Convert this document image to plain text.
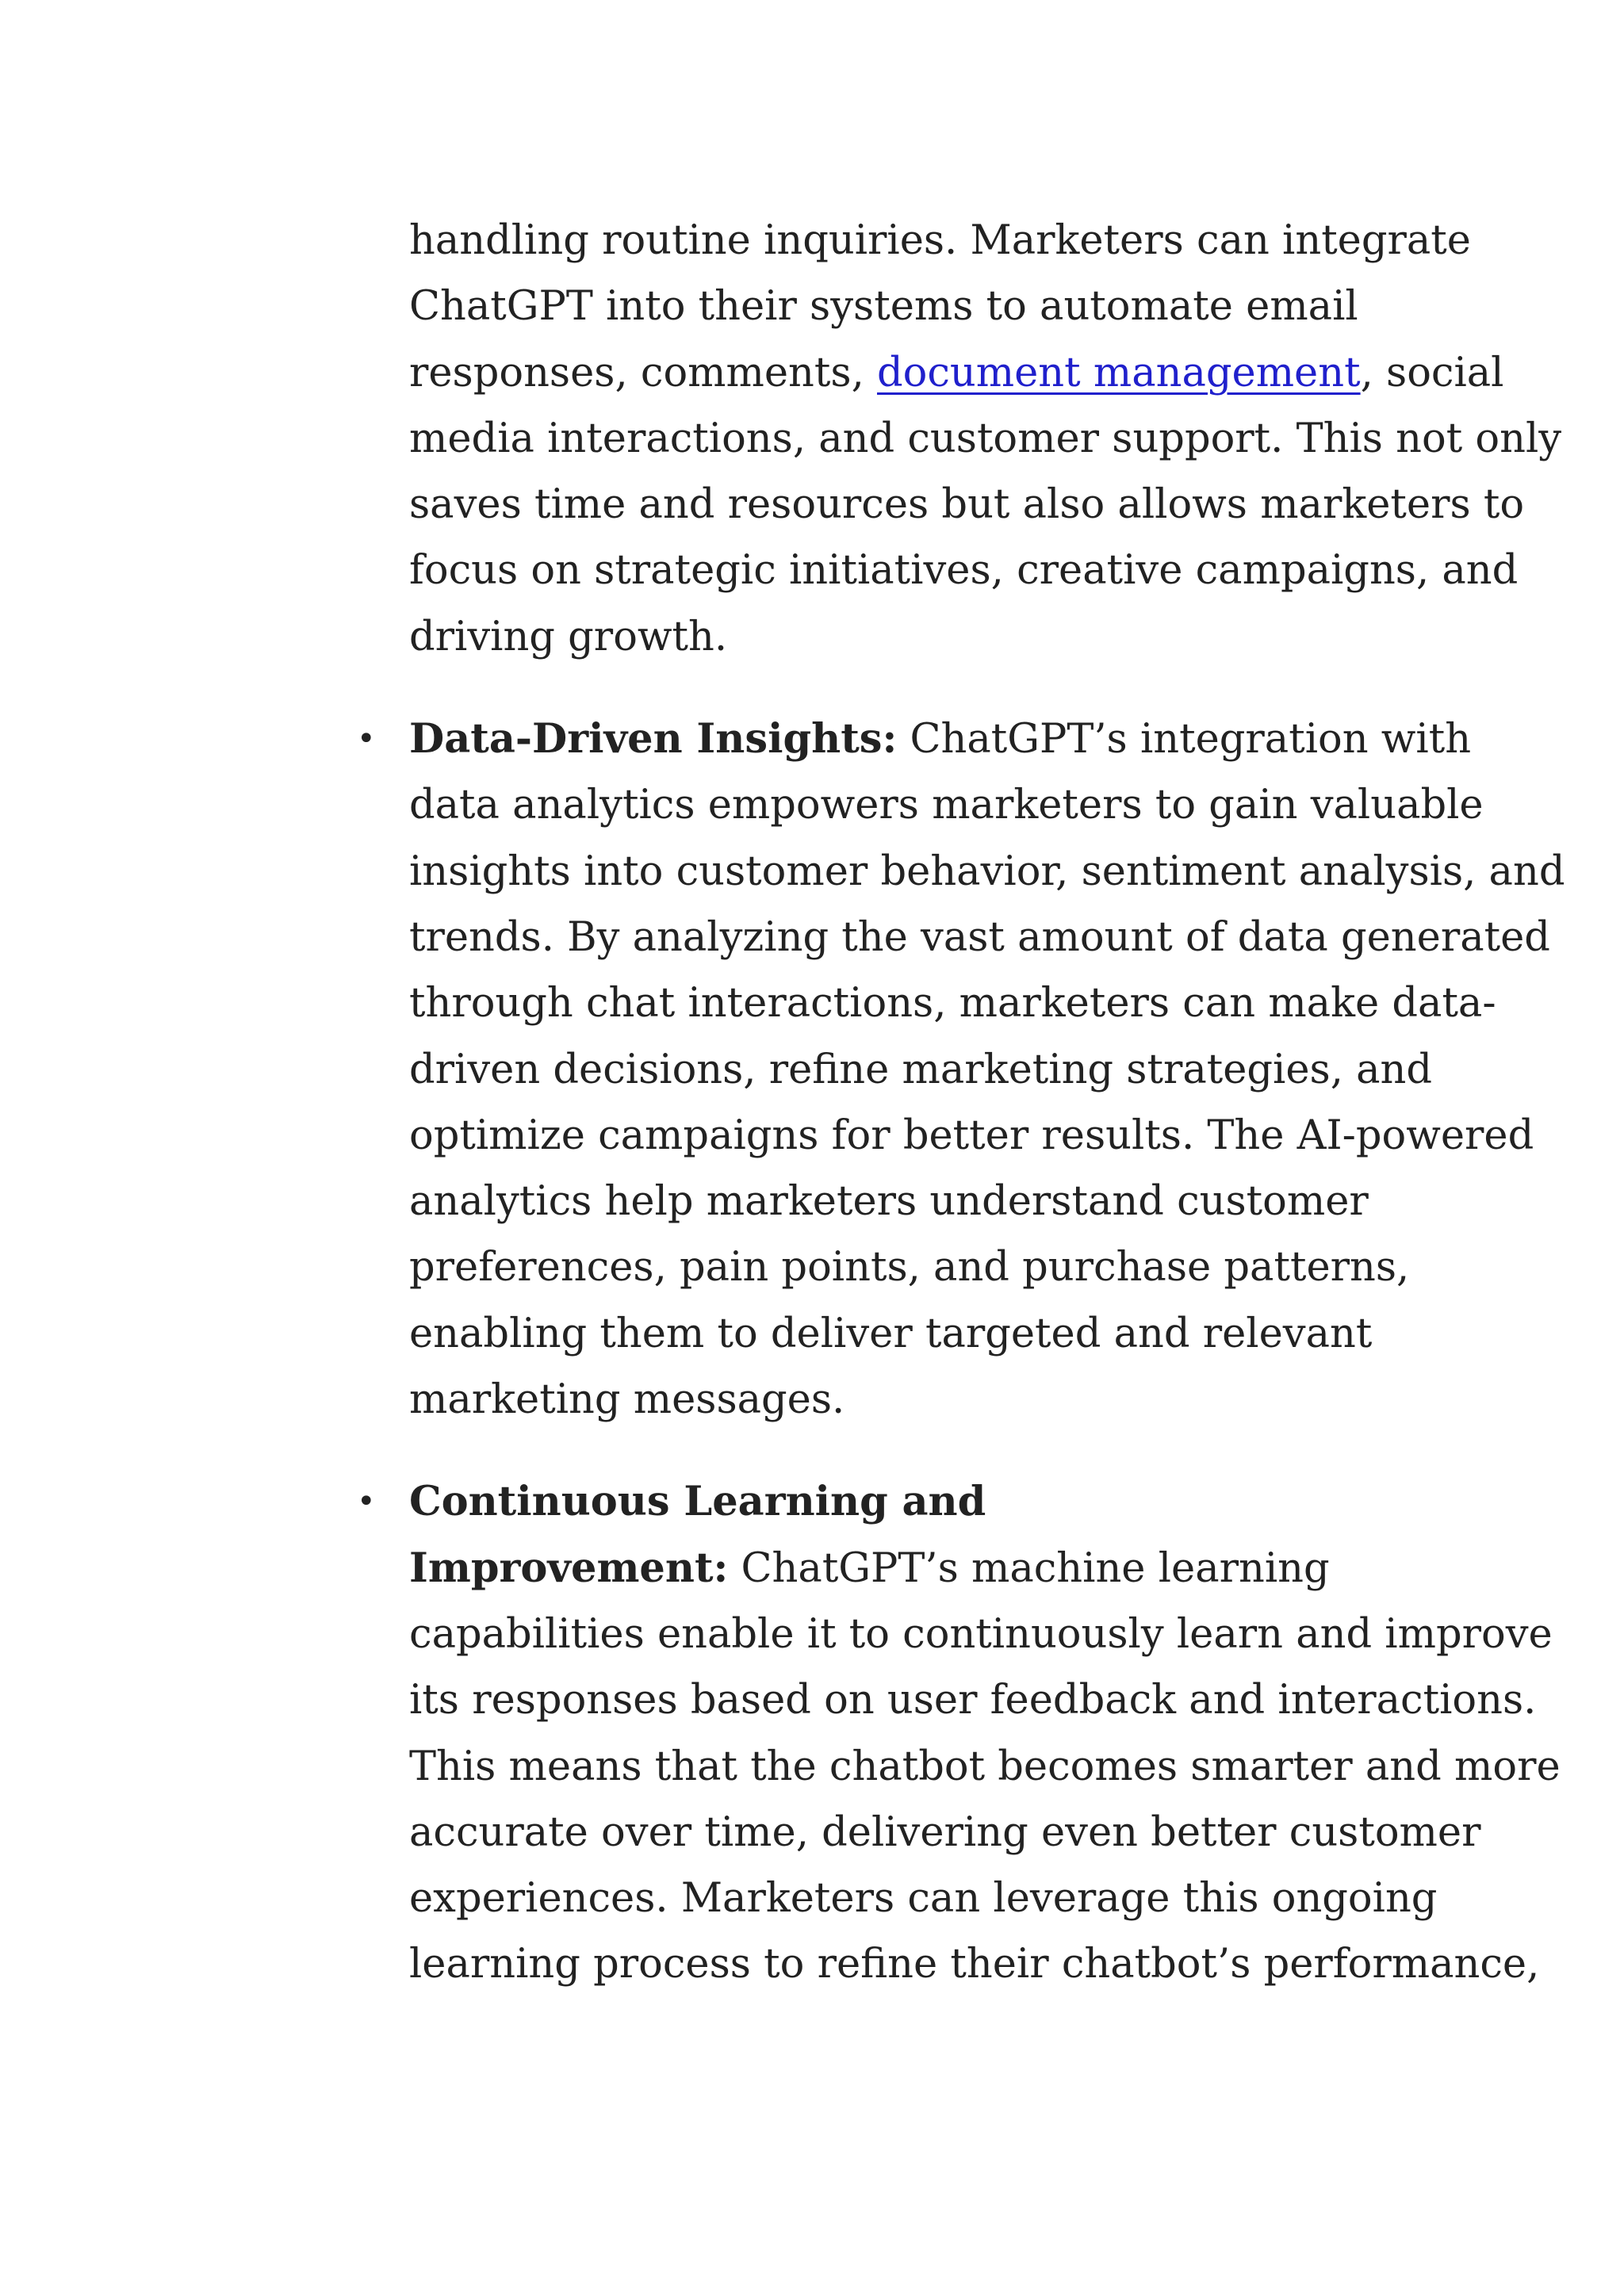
handling routine inquiries. Marketers can integrate
ChatGPT into their systems to automate email
responses, comments, document management, social
media interactions, and customer support. This not only
saves time and resources but also allows marketers to
focus on strategic initiatives, creative campaigns, and
driving growth.
• Data-Driven Insights: ChatGPT’s integration with
data analytics empowers marketers to gain valuable
insights into customer behavior, sentiment analysis, and
trends. By analyzing the vast amount of data generated
through chat interactions, marketers can make data-
driven decisions, refine marketing strategies, and
optimize campaigns for better results. The AI-powered
analytics help marketers understand customer
preferences, pain points, and purchase patterns,
enabling them to deliver targeted and relevant
marketing messages.
• Continuous Learning and
Improvement: ChatGPT’s machine learning
capabilities enable it to continuously learn and improve
its responses based on user feedback and interactions.
This means that the chatbot becomes smarter and more
accurate over time, delivering even better customer
experiences. Marketers can leverage this ongoing
learning process to refine their chatbot’s performance,
